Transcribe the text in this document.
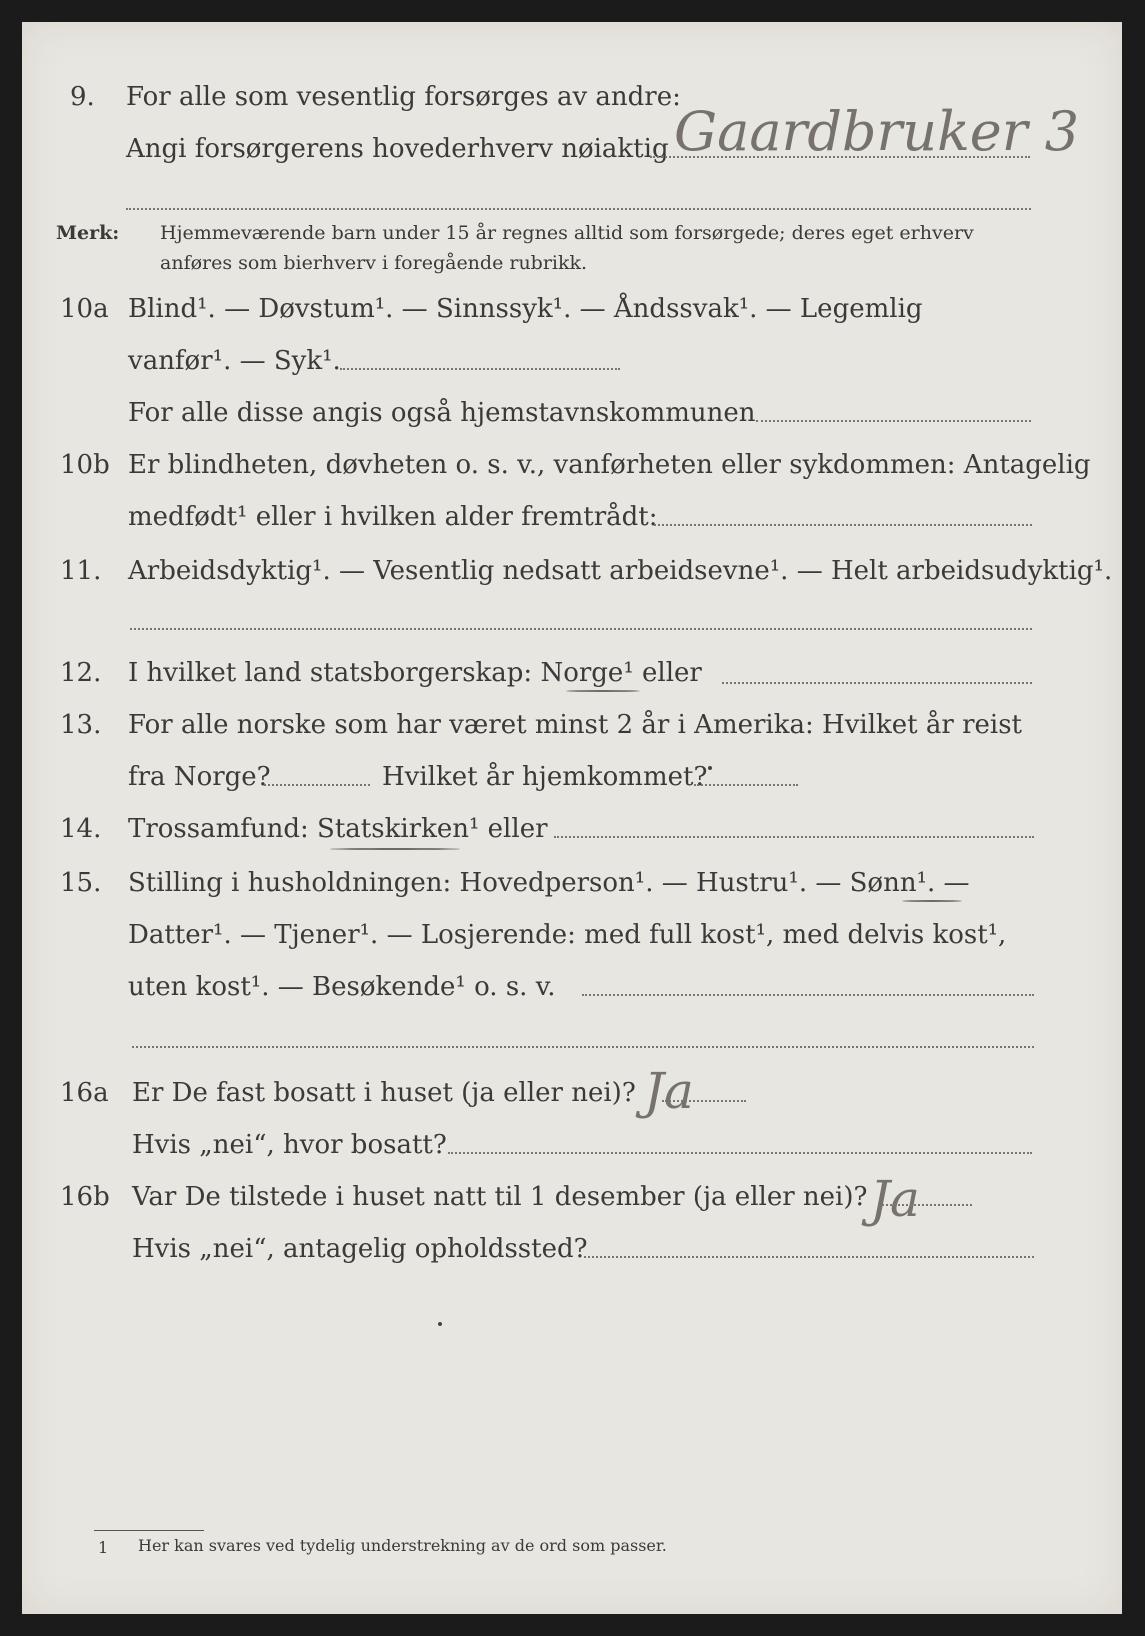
9. For alle som vesentlig forsørges av andre:
Angi forsørgerens hovederhverv nøiaktig Gaardbruker 3
Merk: Hjemmeværende barn under 15 år regnes alltid som forsørgede; deres eget erhverv
anføres som bierhverv i foregående rubrikk.
10a Blind¹. — Døvstum¹. — Sinnssyk¹. — Åndssvak¹. — Legemlig
vanfør¹. — Syk¹.
For alle disse angis også hjemstavnskommunen
10b Er blindheten, døvheten o. s. v., vanførheten eller sykdommen: Antagelig
medfødt¹ eller i hvilken alder fremtrådt:
11. Arbeidsdyktig¹. — Vesentlig nedsatt arbeidsevne¹. — Helt arbeidsudyktig¹.
12. I hvilket land statsborgerskap: Norge¹ eller
13. For alle norske som har været minst 2 år i Amerika: Hvilket år reist
fra Norge?	Hvilket år hjemkommet?
14. Trossamfund: Statskirken¹ eller
15. Stilling i husholdningen: Hovedperson¹. — Hustru¹. — Sønn¹. —
Datter¹. — Tjener¹. — Losjerende: med full kost¹, med delvis kost¹,
uten kost¹. — Besøkende¹ o. s. v.
16a Er De fast bosatt i huset (ja eller nei)? Ja
Hvis „nei“, hvor bosatt?
16b Var De tilstede i huset natt til 1 desember (ja eller nei)? Ja
Hvis „nei“, antagelig opholdssted?
1 Her kan svares ved tydelig understrekning av de ord som passer.
